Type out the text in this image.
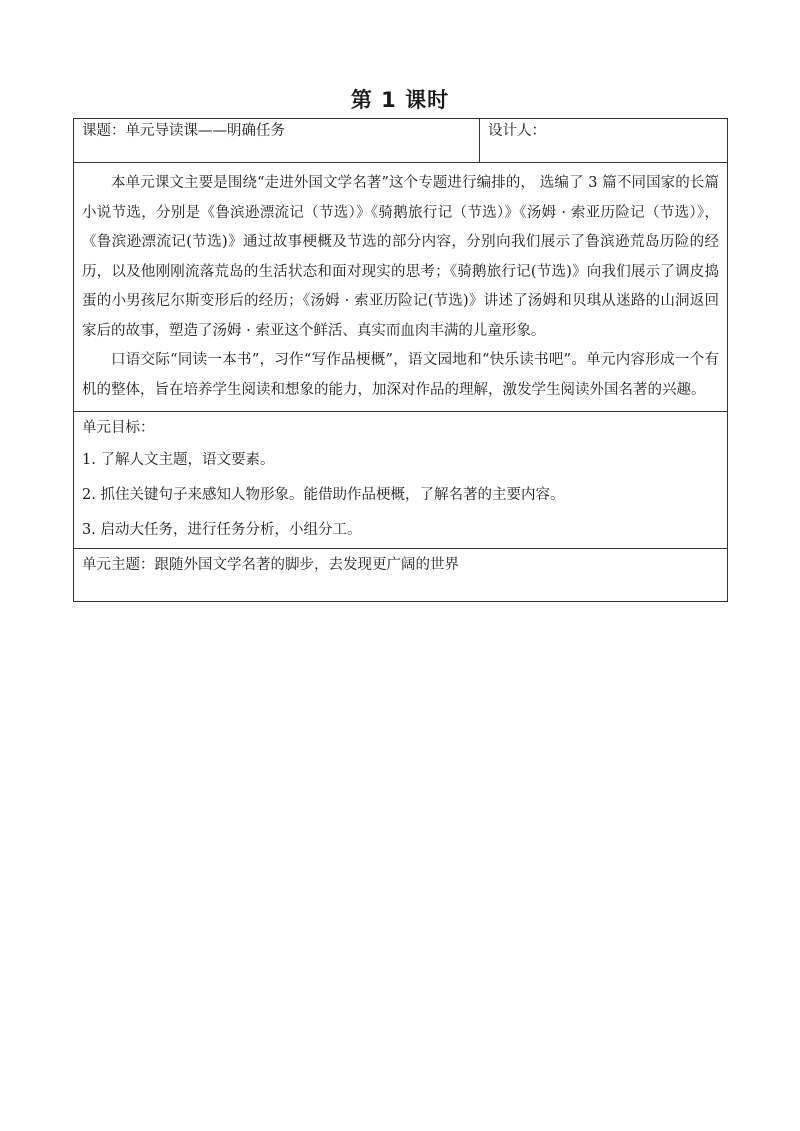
第 1 课时
课题：单元导读课——明确任务	设计人：

本单元课文主要是围绕“走进外国文学名著”这个专题进行编排的， 选编了 3 篇不同国家的长篇小说节选，分别是《鲁滨逊漂流记（节选）》《骑鹅旅行记（节选）》《汤姆 · 索亚历险记（节选）》，《鲁滨逊漂流记(节选)》通过故事梗概及节选的部分内容，分别向我们展示了鲁滨逊荒岛历险的经历，以及他刚刚流落荒岛的生活状态和面对现实的思考；《骑鹅旅行记(节选)》向我们展示了调皮捣蛋的小男孩尼尔斯变形后的经历；《汤姆 · 索亚历险记(节选)》讲述了汤姆和贝琪从迷路的山洞返回家后的故事，塑造了汤姆 · 索亚这个鲜活、真实而血肉丰满的儿童形象。

口语交际“同读一本书”，习作“写作品梗概”，语文园地和“快乐读书吧”。单元内容形成一个有机的整体，旨在培养学生阅读和想象的能力，加深对作品的理解，激发学生阅读外国名著的兴趣。

单元目标：
1. 了解人文主题，语文要素。
2. 抓住关键句子来感知人物形象。能借助作品梗概，了解名著的主要内容。
3. 启动大任务，进行任务分析，小组分工。

单元主题：跟随外国文学名著的脚步，去发现更广阔的世界
